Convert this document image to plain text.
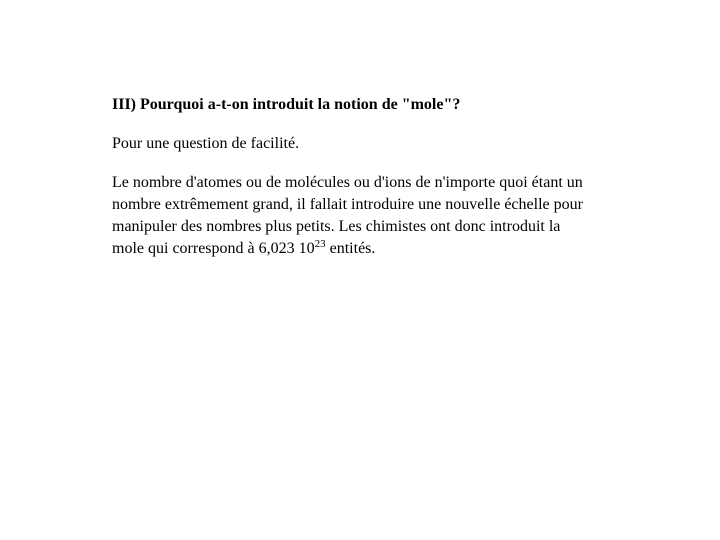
III) Pourquoi a-t-on introduit la notion de "mole"?

Pour une question de facilité.

Le nombre d'atomes ou de molécules ou d'ions de n'importe quoi étant un nombre extrêmement grand, il fallait introduire une nouvelle échelle pour manipuler des nombres plus petits. Les chimistes ont donc introduit la mole qui correspond à 6,023 $10^{23}$ entités.
